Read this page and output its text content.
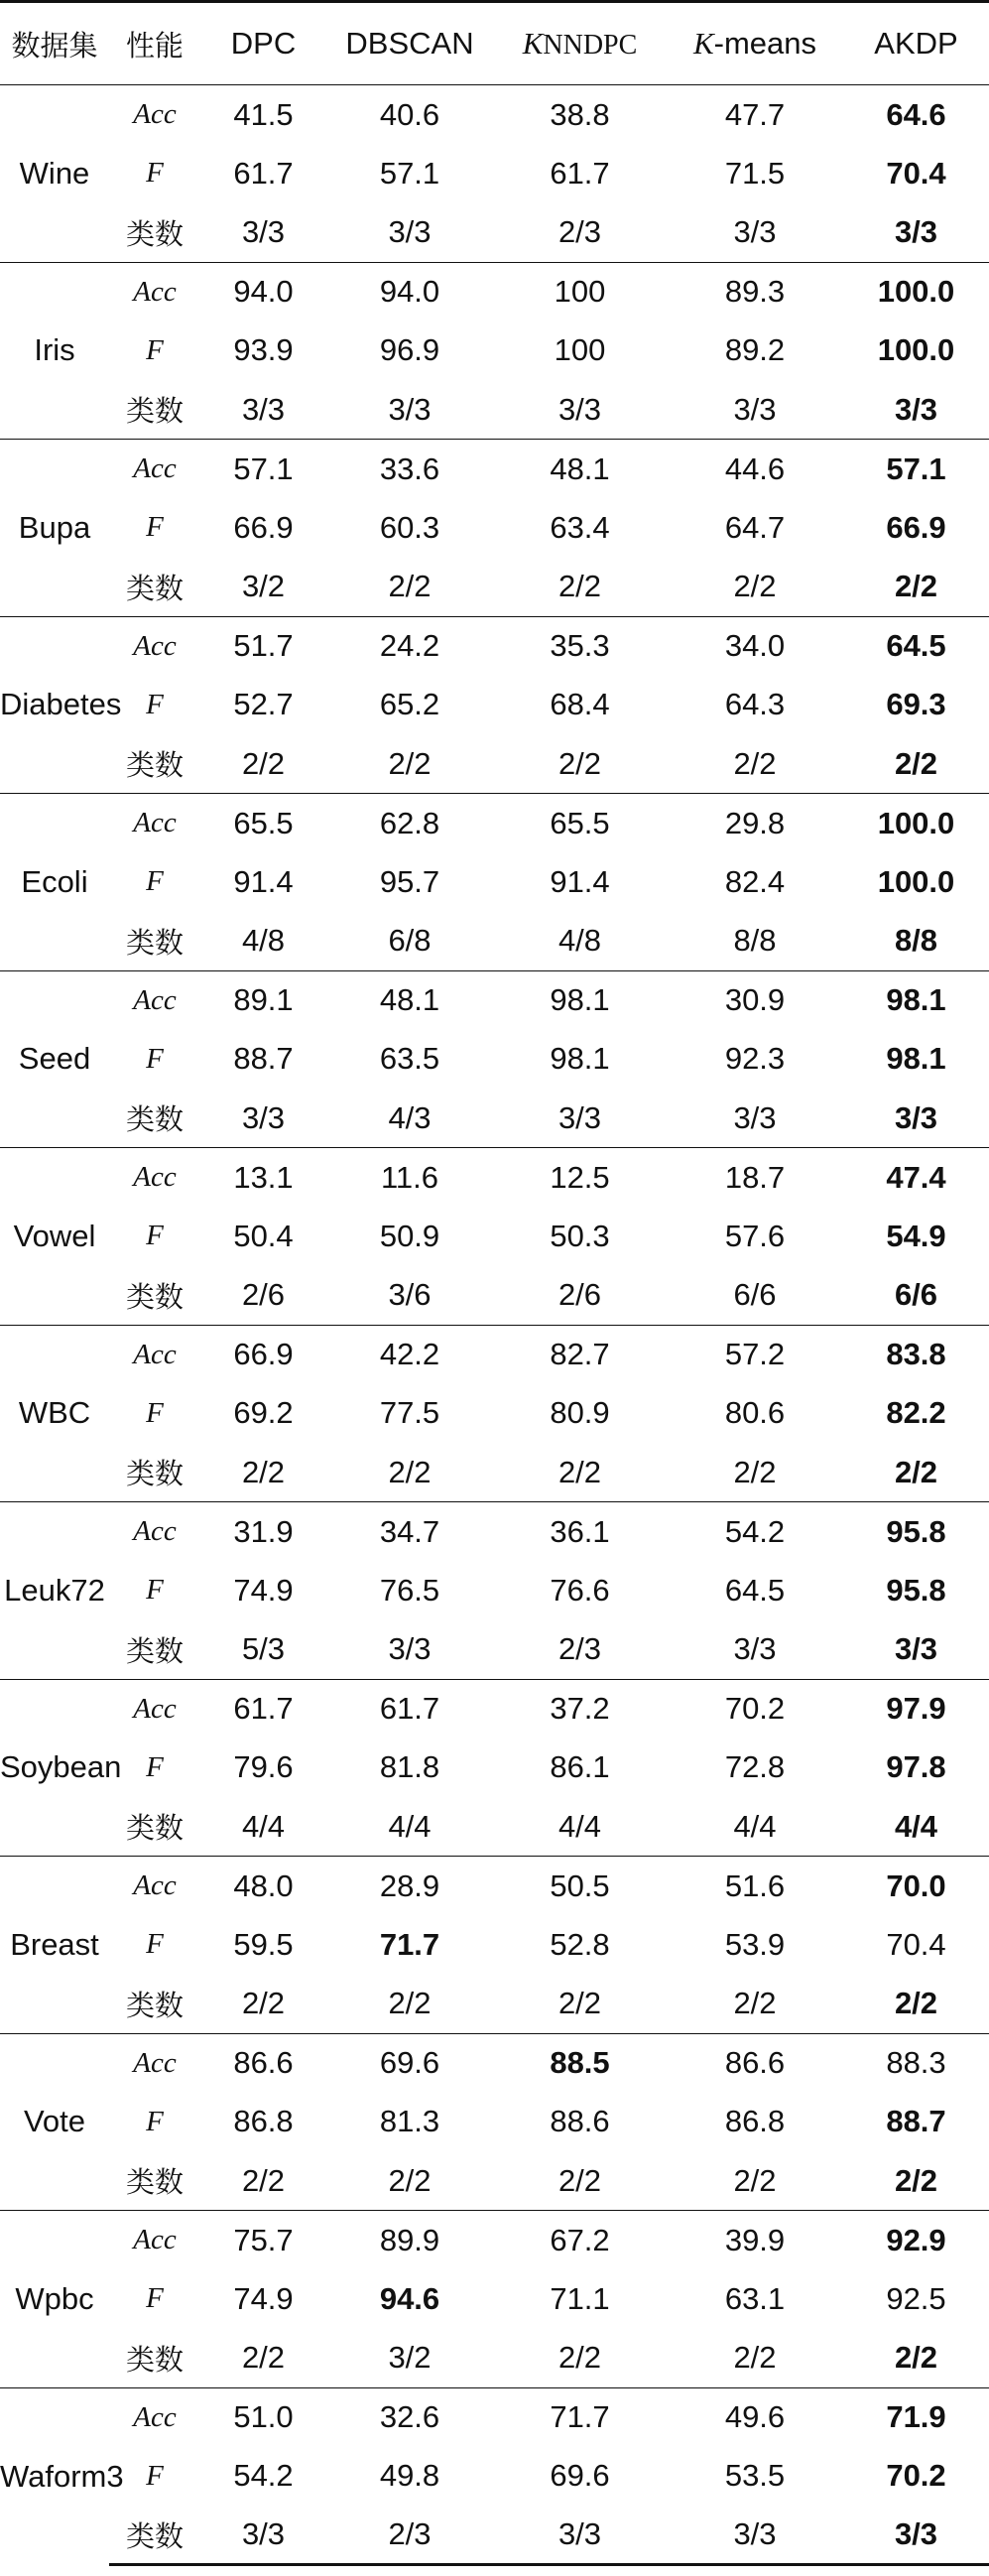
数据集	性能	DPC	DBSCAN	KNNDPC	K-means	AKDP
Wine	Acc	41.5	40.6	38.8	47.7	64.6
	F	61.7	57.1	61.7	71.5	70.4
	类数	3/3	3/3	2/3	3/3	3/3
Iris	Acc	94.0	94.0	100	89.3	100.0
	F	93.9	96.9	100	89.2	100.0
	类数	3/3	3/3	3/3	3/3	3/3
Bupa	Acc	57.1	33.6	48.1	44.6	57.1
	F	66.9	60.3	63.4	64.7	66.9
	类数	3/2	2/2	2/2	2/2	2/2
Diabetes	Acc	51.7	24.2	35.3	34.0	64.5
	F	52.7	65.2	68.4	64.3	69.3
	类数	2/2	2/2	2/2	2/2	2/2
Ecoli	Acc	65.5	62.8	65.5	29.8	100.0
	F	91.4	95.7	91.4	82.4	100.0
	类数	4/8	6/8	4/8	8/8	8/8
Seed	Acc	89.1	48.1	98.1	30.9	98.1
	F	88.7	63.5	98.1	92.3	98.1
	类数	3/3	4/3	3/3	3/3	3/3
Vowel	Acc	13.1	11.6	12.5	18.7	47.4
	F	50.4	50.9	50.3	57.6	54.9
	类数	2/6	3/6	2/6	6/6	6/6
WBC	Acc	66.9	42.2	82.7	57.2	83.8
	F	69.2	77.5	80.9	80.6	82.2
	类数	2/2	2/2	2/2	2/2	2/2
Leuk72	Acc	31.9	34.7	36.1	54.2	95.8
	F	74.9	76.5	76.6	64.5	95.8
	类数	5/3	3/3	2/3	3/3	3/3
Soybean	Acc	61.7	61.7	37.2	70.2	97.9
	F	79.6	81.8	86.1	72.8	97.8
	类数	4/4	4/4	4/4	4/4	4/4
Breast	Acc	48.0	28.9	50.5	51.6	70.0
	F	59.5	71.7	52.8	53.9	70.4
	类数	2/2	2/2	2/2	2/2	2/2
Vote	Acc	86.6	69.6	88.5	86.6	88.3
	F	86.8	81.3	88.6	86.8	88.7
	类数	2/2	2/2	2/2	2/2	2/2
Wpbc	Acc	75.7	89.9	67.2	39.9	92.9
	F	74.9	94.6	71.1	63.1	92.5
	类数	2/2	3/2	2/2	2/2	2/2
Waform3	Acc	51.0	32.6	71.7	49.6	71.9
	F	54.2	49.8	69.6	53.5	70.2
	类数	3/3	2/3	3/3	3/3	3/3
